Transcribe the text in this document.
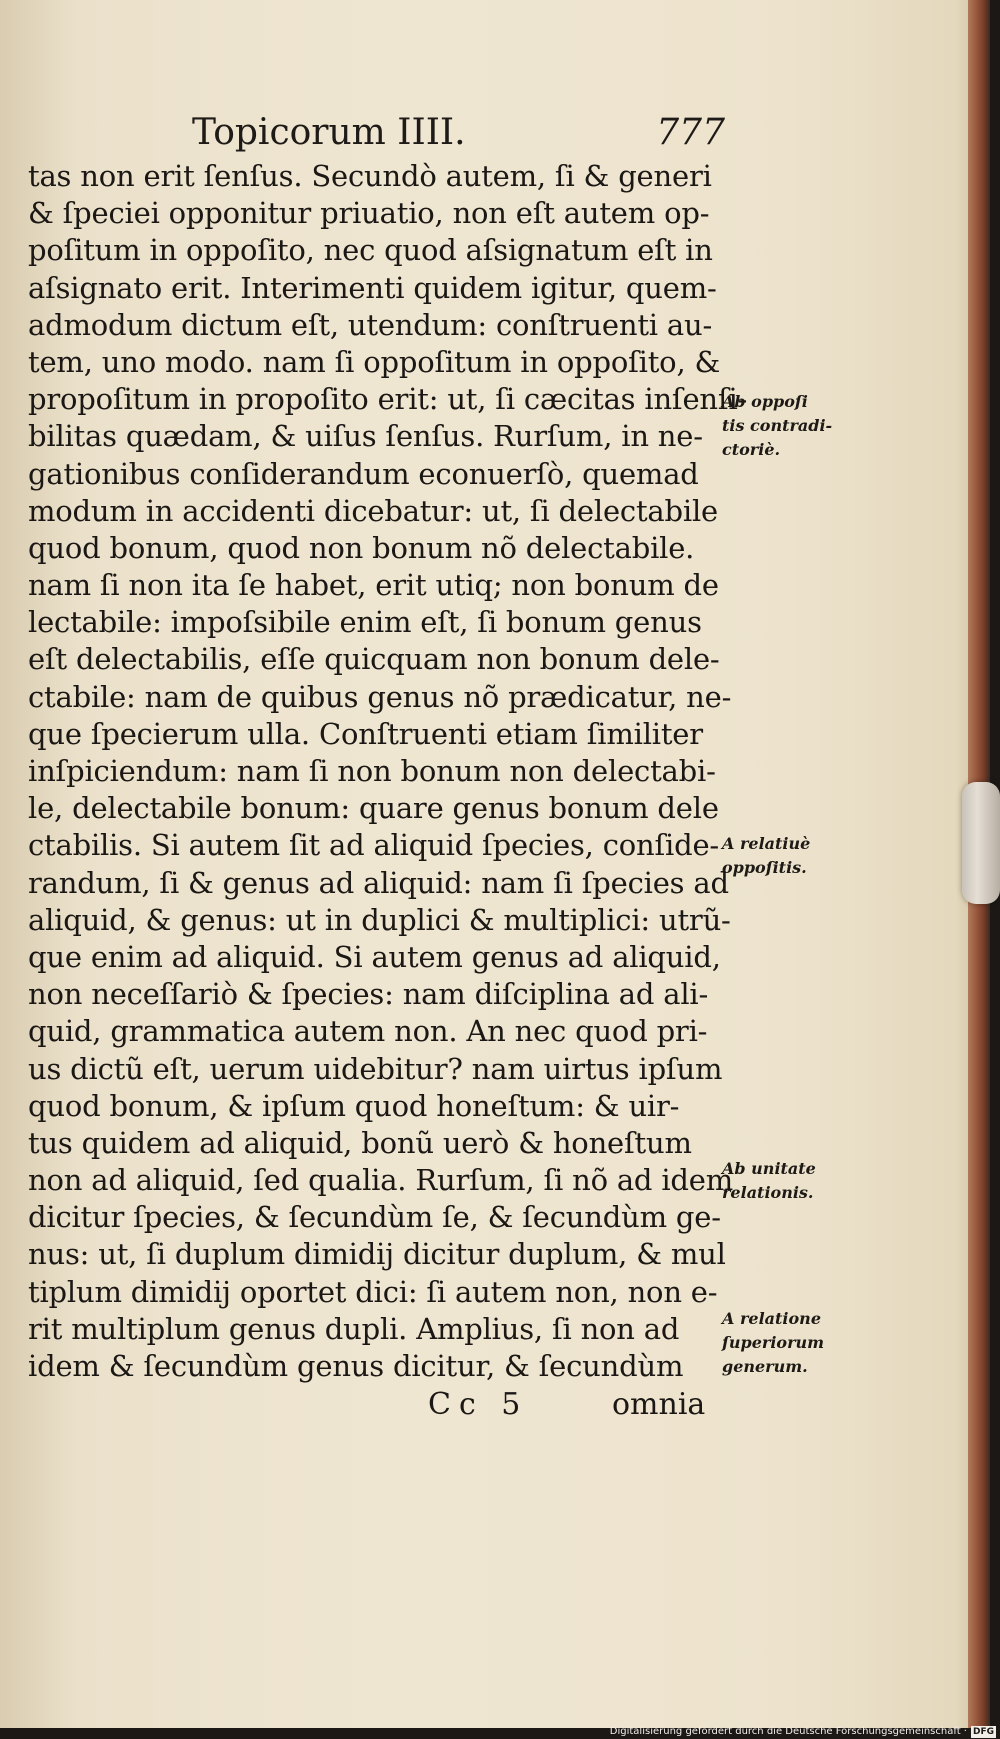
Topicorum IIII.	777
tas non erit ſenſus. Secundò autem, ſi & generi
& ſpeciei opponitur priuatio, non eſt autem op-
poſitum in oppoſito, nec quod aſsignatum eſt in
aſsignato erit. Interimenti quidem igitur, quem-
admodum dictum eſt, utendum: conſtruenti au-
tem, uno modo. nam ſi oppoſitum in oppoſito, &
propoſitum in propoſito erit: ut, ſi cæcitas inſenſi-
bilitas quædam, & uiſus ſenſus. Rurſum, in ne-
gationibus conſiderandum econuerſò, quemad
modum in accidenti dicebatur: ut, ſi delectabile
quod bonum, quod non bonum nõ delectabile.
nam ſi non ita ſe habet, erit utiq; non bonum de
lectabile: impoſsibile enim eſt, ſi bonum genus
eſt delectabilis, eſſe quicquam non bonum dele-
ctabile: nam de quibus genus nõ prædicatur, ne-
que ſpecierum ulla. Conſtruenti etiam ſimiliter
inſpiciendum: nam ſi non bonum non delectabi-
le, delectabile bonum: quare genus bonum dele
ctabilis. Si autem ſit ad aliquid ſpecies, conſide-
randum, ſi & genus ad aliquid: nam ſi ſpecies ad
aliquid, & genus: ut in duplici & multiplici: utrũ-
que enim ad aliquid. Si autem genus ad aliquid,
non neceſſariò & ſpecies: nam diſciplina ad ali-
quid, grammatica autem non. An nec quod pri-
us dictũ eſt, uerum uidebitur? nam uirtus ipſum
quod bonum, & ipſum quod honeſtum: & uir-
tus quidem ad aliquid, bonũ uerò & honeſtum
non ad aliquid, ſed qualia. Rurſum, ſi nõ ad idem
dicitur ſpecies, & ſecundùm ſe, & ſecundùm ge-
nus: ut, ſi duplum dimidij dicitur duplum, & mul
tiplum dimidij oportet dici: ſi autem non, non e-
rit multiplum genus dupli. Amplius, ſi non ad
idem & ſecundùm genus dicitur, & ſecundùm
Cc 5	omnia
Ab oppoſi
tis contradi-
ctoriè.
A relatiuè
oppoſitis.
Ab unitate
relationis.
A relatione
ſuperiorum
generum.
Digitalisierung gefördert durch die Deutsche Forschungsgemeinschaft · DFG
